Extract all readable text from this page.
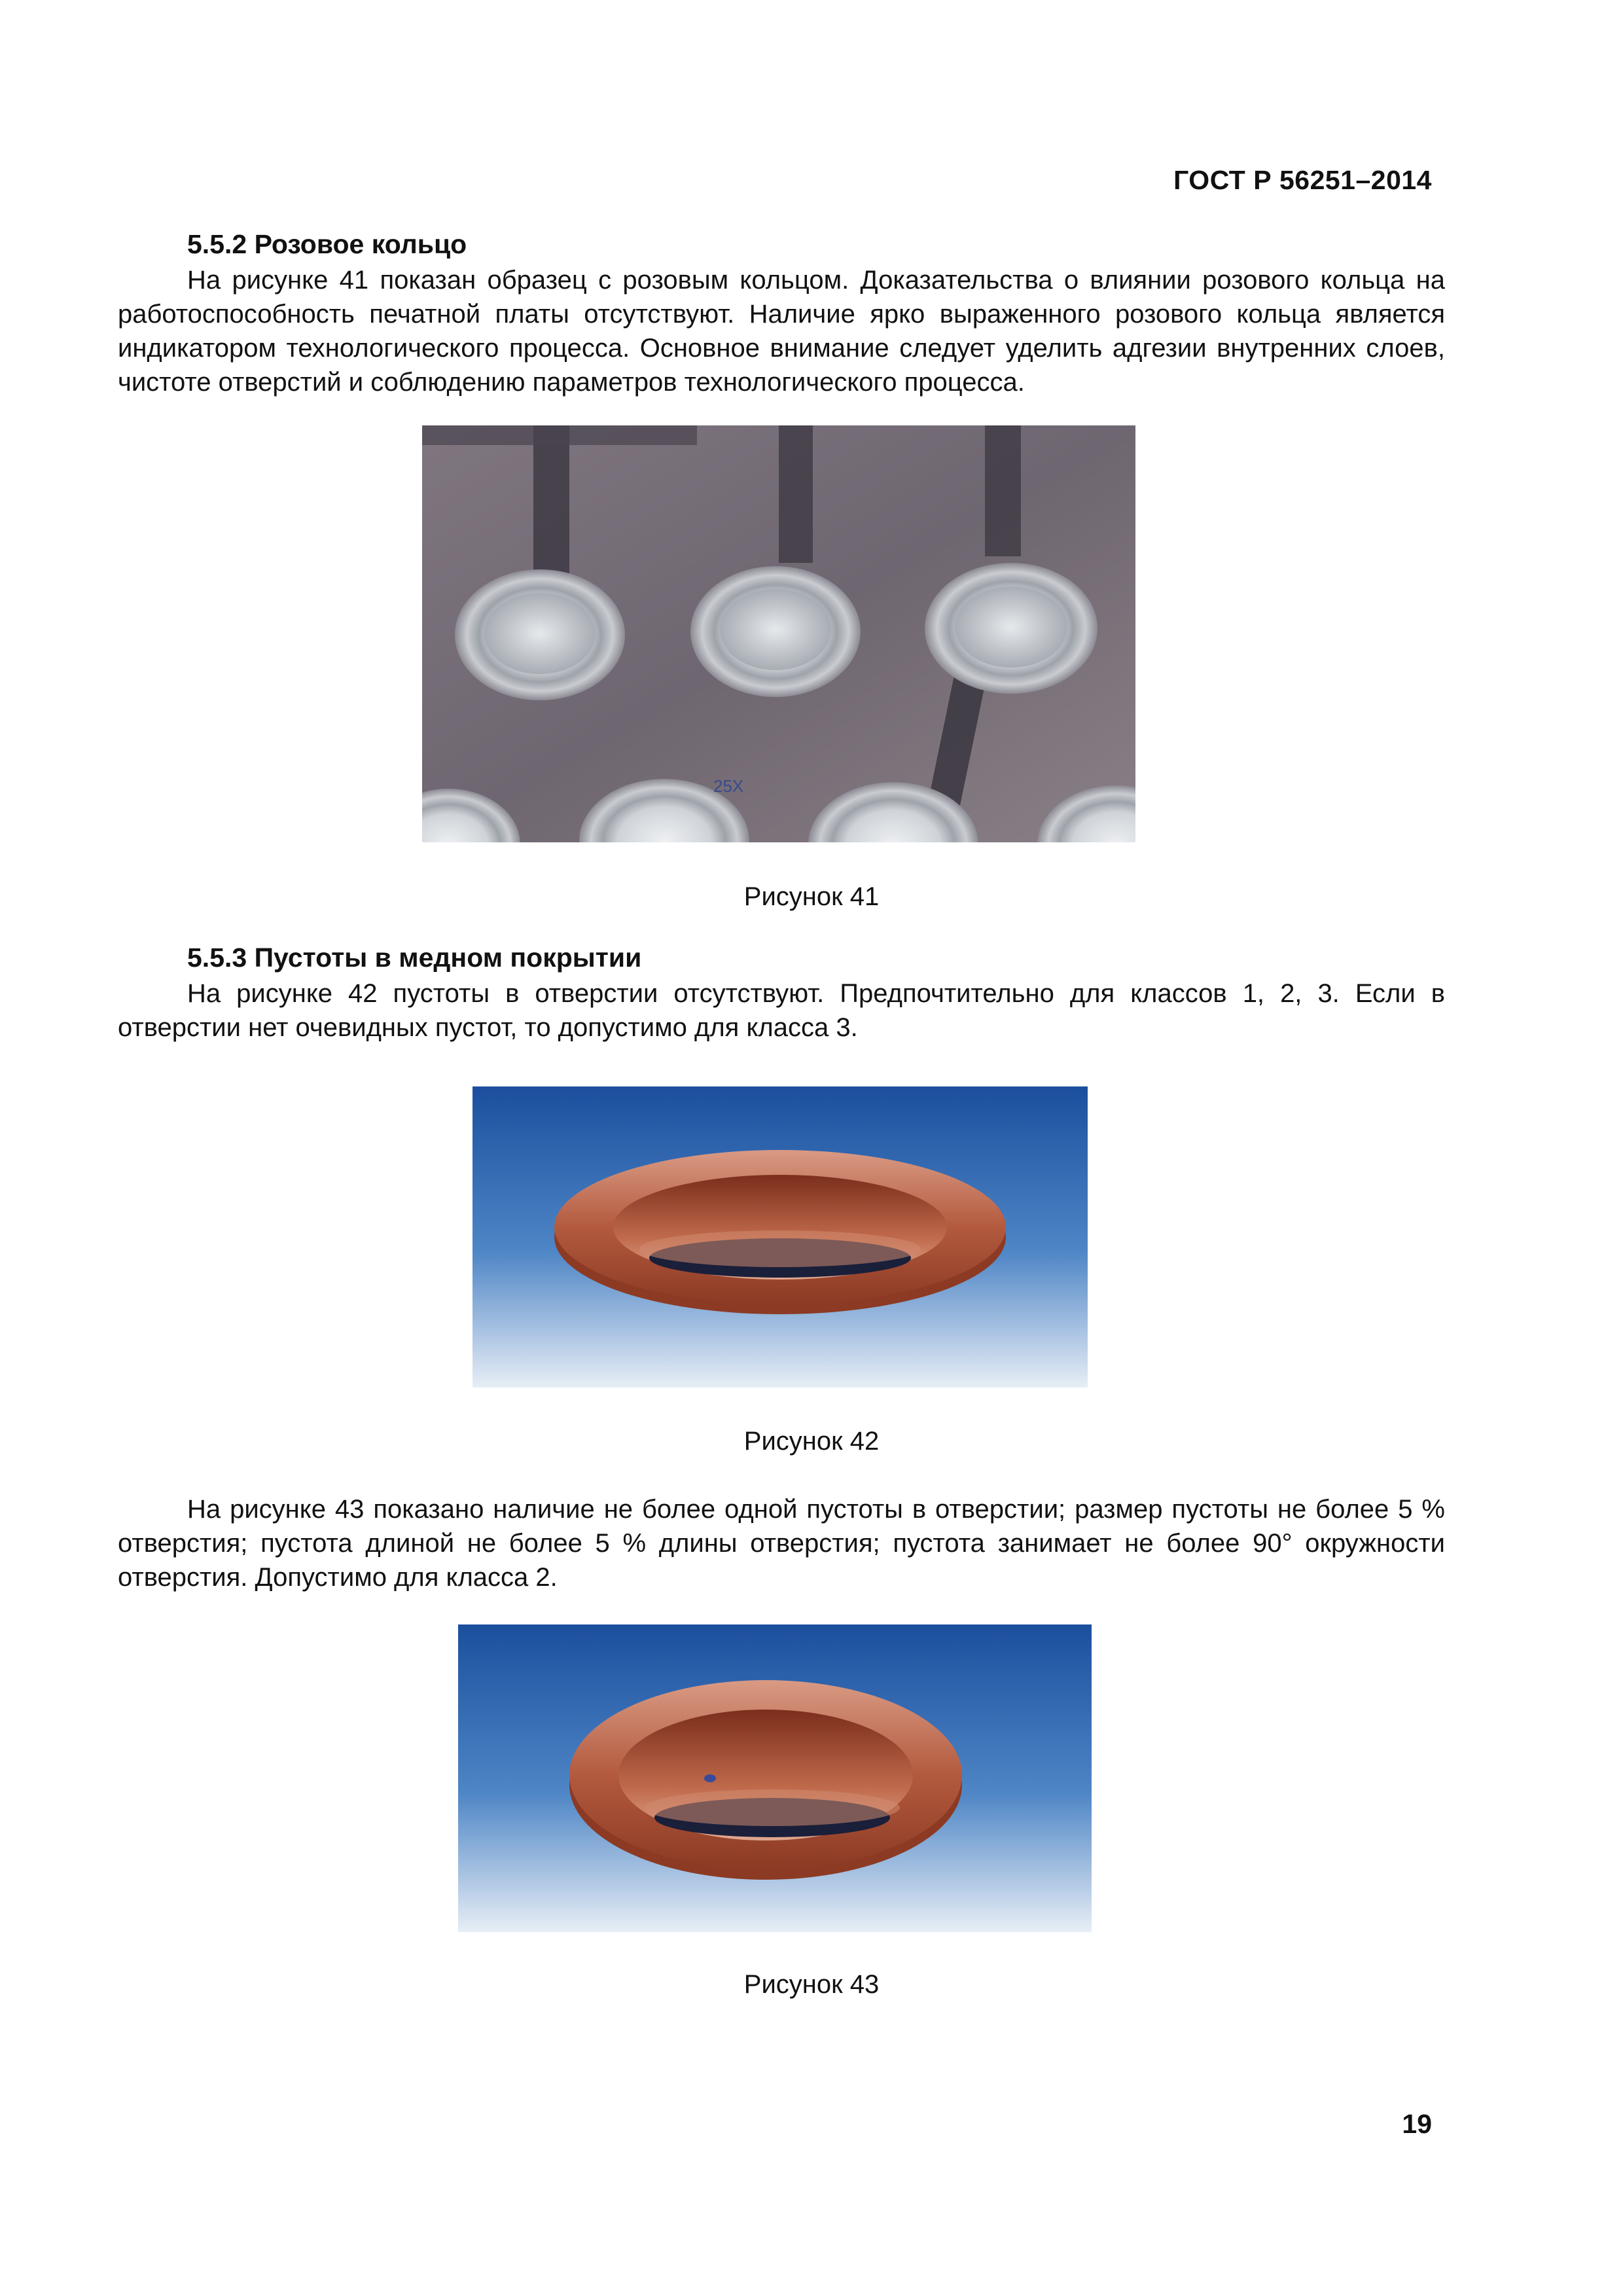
ГОСТ Р 56251–2014
5.5.2 Розовое кольцо
На рисунке 41 показан образец с розовым кольцом. Доказательства о влиянии розового кольца на работоспособность печатной платы отсутствуют. Наличие ярко выраженного розового кольца является индикатором технологического процесса. Основное внимание следует уделить адгезии внутренних слоев, чистоте отверстий и соблюдению параметров технологического процесса.
25X
Рисунок 41
5.5.3 Пустоты в медном покрытии
На рисунке 42 пустоты в отверстии отсутствуют. Предпочтительно для классов 1, 2, 3. Если в отверстии нет очевидных пустот, то допустимо для класса 3.
Рисунок 42
На рисунке 43 показано наличие не более одной пустоты в отверстии; размер пустоты не более 5 % отверстия; пустота длиной не более 5 % длины отверстия; пустота занимает не более 90° окружности отверстия. Допустимо для класса 2.
Рисунок 43
19
